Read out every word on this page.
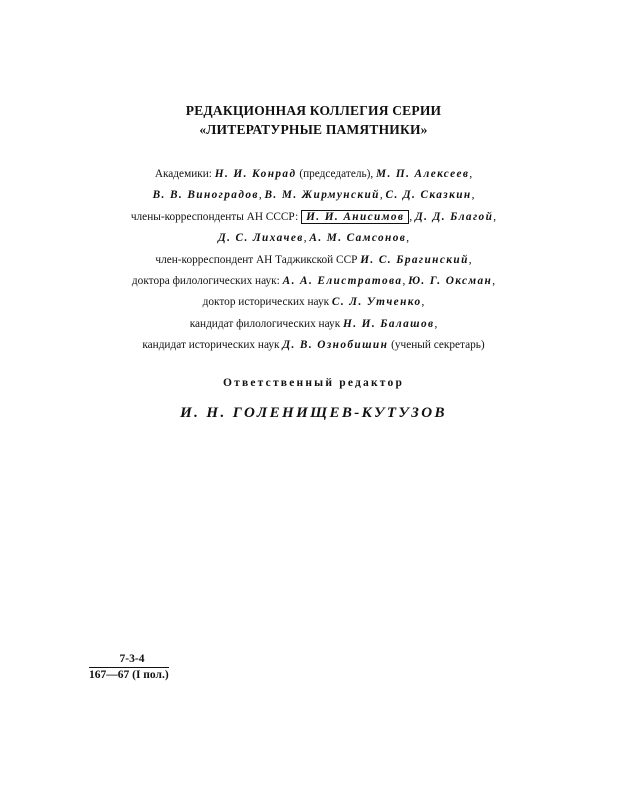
РЕДАКЦИОННАЯ КОЛЛЕГИЯ СЕРИИ
«ЛИТЕРАТУРНЫЕ ПАМЯТНИКИ»
Академики: Н. И. Конрад (председатель), М. П. Алексеев,
В. В. Виноградов, В. М. Жирмунский, С. Д. Сказкин,
члены-корреспонденты АН СССР: И. И. Анисимов , Д. Д. Благой,
Д. С. Лихачев, А. М. Самсонов,
член-корреспондент АН Таджикской ССР И. С. Брагинский,
доктора филологических наук: А. А. Елистратова, Ю. Г. Оксман,
доктор исторических наук С. Л. Утченко,
кандидат филологических наук Н. И. Балашов,
кандидат исторических наук Д. В. Ознобишин (ученый секретарь)
Ответственный редактор
И. Н. ГОЛЕНИЩЕВ-КУТУЗОВ
7-3-4
167—67 (I пол.)
